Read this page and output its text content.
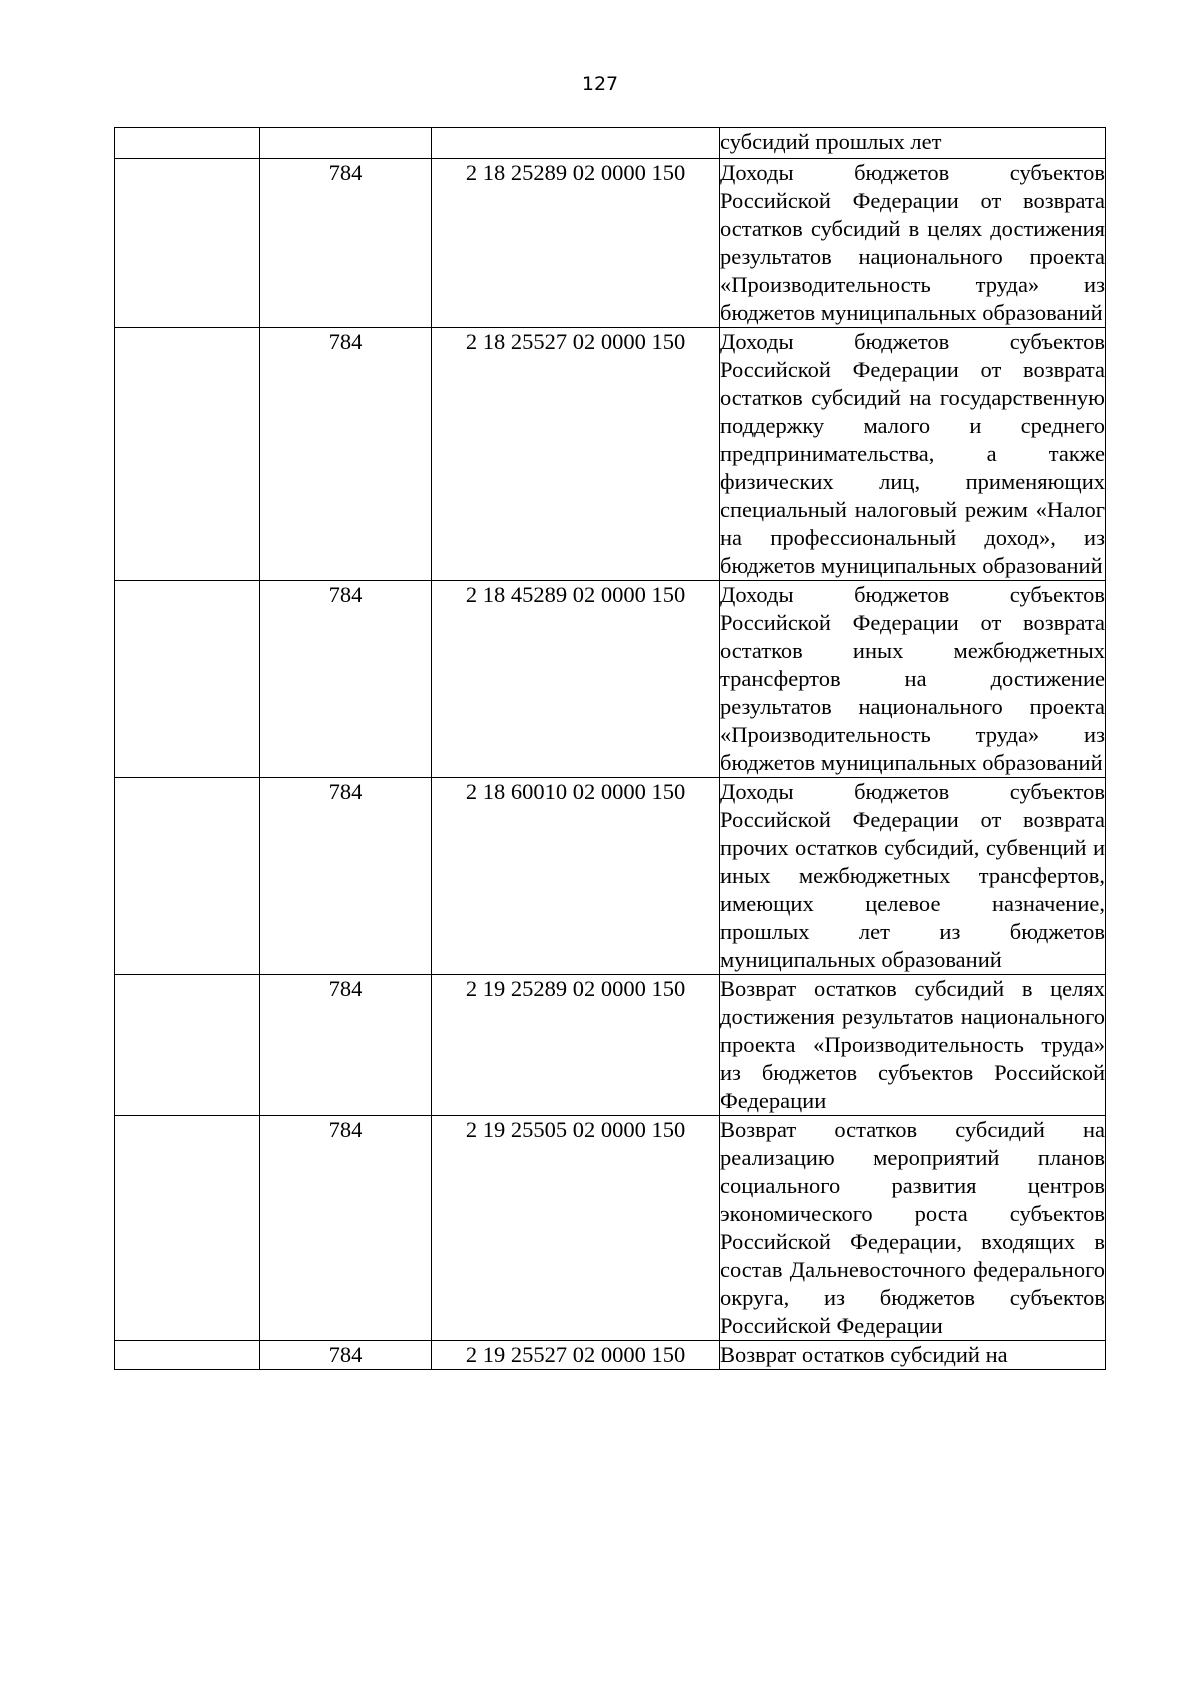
127
			субсидий прошлых лет
	784	2 18 25289 02 0000 150	Доходы бюджетов субъектов Российской Федерации от возврата остатков субсидий в целях достижения результатов национального проекта «Производительность труда» из бюджетов муниципальных образований
	784	2 18 25527 02 0000 150	Доходы бюджетов субъектов Российской Федерации от возврата остатков субсидий на государственную поддержку малого и среднего предпринимательства, а также физических лиц, применяющих специальный налоговый режим «Налог на профессиональный доход», из бюджетов муниципальных образований
	784	2 18 45289 02 0000 150	Доходы бюджетов субъектов Российской Федерации от возврата остатков иных межбюджетных трансфертов на достижение результатов национального проекта «Производительность труда» из бюджетов муниципальных образований
	784	2 18 60010 02 0000 150	Доходы бюджетов субъектов Российской Федерации от возврата прочих остатков субсидий, субвенций и иных межбюджетных трансфертов, имеющих целевое назначение, прошлых лет из бюджетов муниципальных образований
	784	2 19 25289 02 0000 150	Возврат остатков субсидий в целях достижения результатов национального проекта «Производительность труда» из бюджетов субъектов Российской Федерации
	784	2 19 25505 02 0000 150	Возврат остатков субсидий на реализацию мероприятий планов социального развития центров экономического роста субъектов Российской Федерации, входящих в состав Дальневосточного федерального округа, из бюджетов субъектов Российской Федерации
	784	2 19 25527 02 0000 150	Возврат остатков субсидий на
